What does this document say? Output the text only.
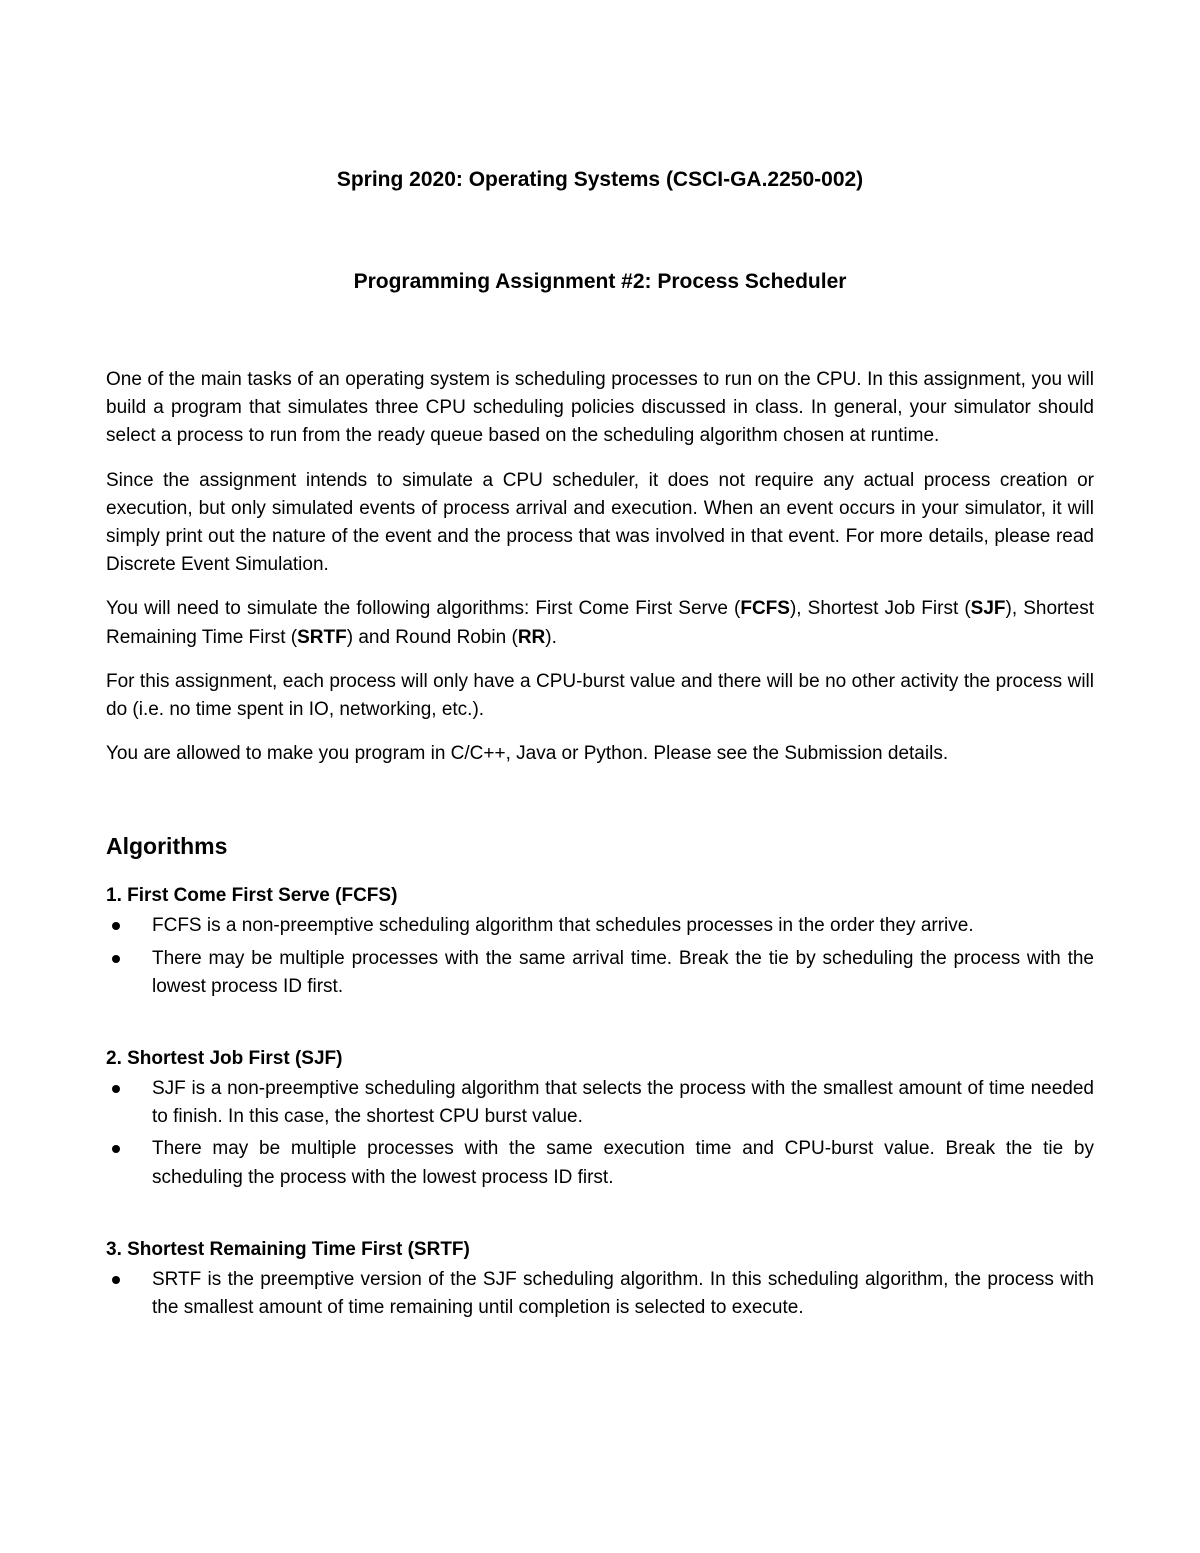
Spring 2020: Operating Systems (CSCI-GA.2250-002)
Programming Assignment #2: Process Scheduler

One of the main tasks of an operating system is scheduling processes to run on the CPU. In this assignment, you will build a program that simulates three CPU scheduling policies discussed in class. In general, your simulator should select a process to run from the ready queue based on the scheduling algorithm chosen at runtime.

Since the assignment intends to simulate a CPU scheduler, it does not require any actual process creation or execution, but only simulated events of process arrival and execution. When an event occurs in your simulator, it will simply print out the nature of the event and the process that was involved in that event. For more details, please read Discrete Event Simulation.

You will need to simulate the following algorithms: First Come First Serve (FCFS), Shortest Job First (SJF), Shortest Remaining Time First (SRTF) and Round Robin (RR).

For this assignment, each process will only have a CPU-burst value and there will be no other activity the process will do (i.e. no time spent in IO, networking, etc.).

You are allowed to make you program in C/C++, Java or Python. Please see the Submission details.

Algorithms

1. First Come First Serve (FCFS)

FCFS is a non-preemptive scheduling algorithm that schedules processes in the order they arrive.
There may be multiple processes with the same arrival time. Break the tie by scheduling the process with the lowest process ID first.

2. Shortest Job First (SJF)

SJF is a non-preemptive scheduling algorithm that selects the process with the smallest amount of time needed to finish. In this case, the shortest CPU burst value.
There may be multiple processes with the same execution time and CPU-burst value. Break the tie by scheduling the process with the lowest process ID first.

3. Shortest Remaining Time First (SRTF)

SRTF is the preemptive version of the SJF scheduling algorithm. In this scheduling algorithm, the process with the smallest amount of time remaining until completion is selected to execute.
